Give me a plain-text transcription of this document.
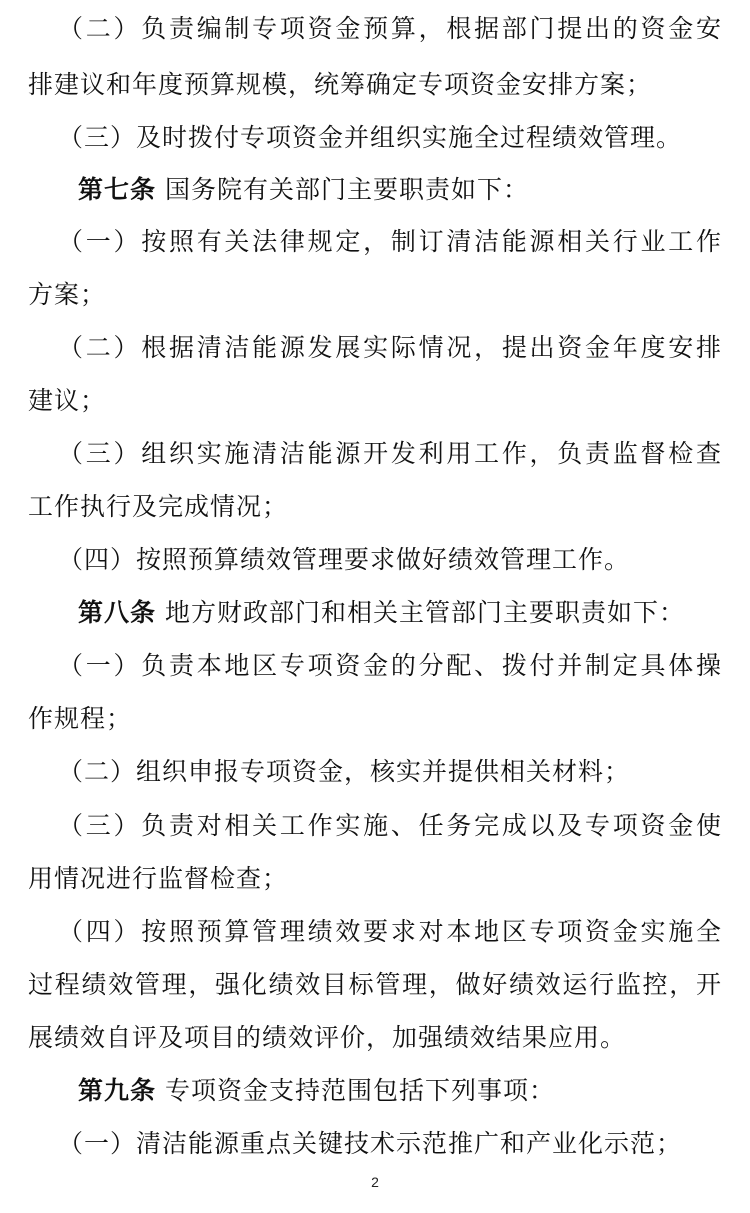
（二）负责编制专项资金预算，根据部门提出的资金安
排建议和年度预算规模，统筹确定专项资金安排方案；
（三）及时拨付专项资金并组织实施全过程绩效管理。
第七条 国务院有关部门主要职责如下：
（一）按照有关法律规定，制订清洁能源相关行业工作
方案；
（二）根据清洁能源发展实际情况，提出资金年度安排
建议；
（三）组织实施清洁能源开发利用工作，负责监督检查
工作执行及完成情况；
（四）按照预算绩效管理要求做好绩效管理工作。
第八条 地方财政部门和相关主管部门主要职责如下：
（一）负责本地区专项资金的分配、拨付并制定具体操
作规程；
（二）组织申报专项资金，核实并提供相关材料；
（三）负责对相关工作实施、任务完成以及专项资金使
用情况进行监督检查；
（四）按照预算管理绩效要求对本地区专项资金实施全
过程绩效管理，强化绩效目标管理，做好绩效运行监控，开
展绩效自评及项目的绩效评价，加强绩效结果应用。
第九条 专项资金支持范围包括下列事项：
（一）清洁能源重点关键技术示范推广和产业化示范；
2
